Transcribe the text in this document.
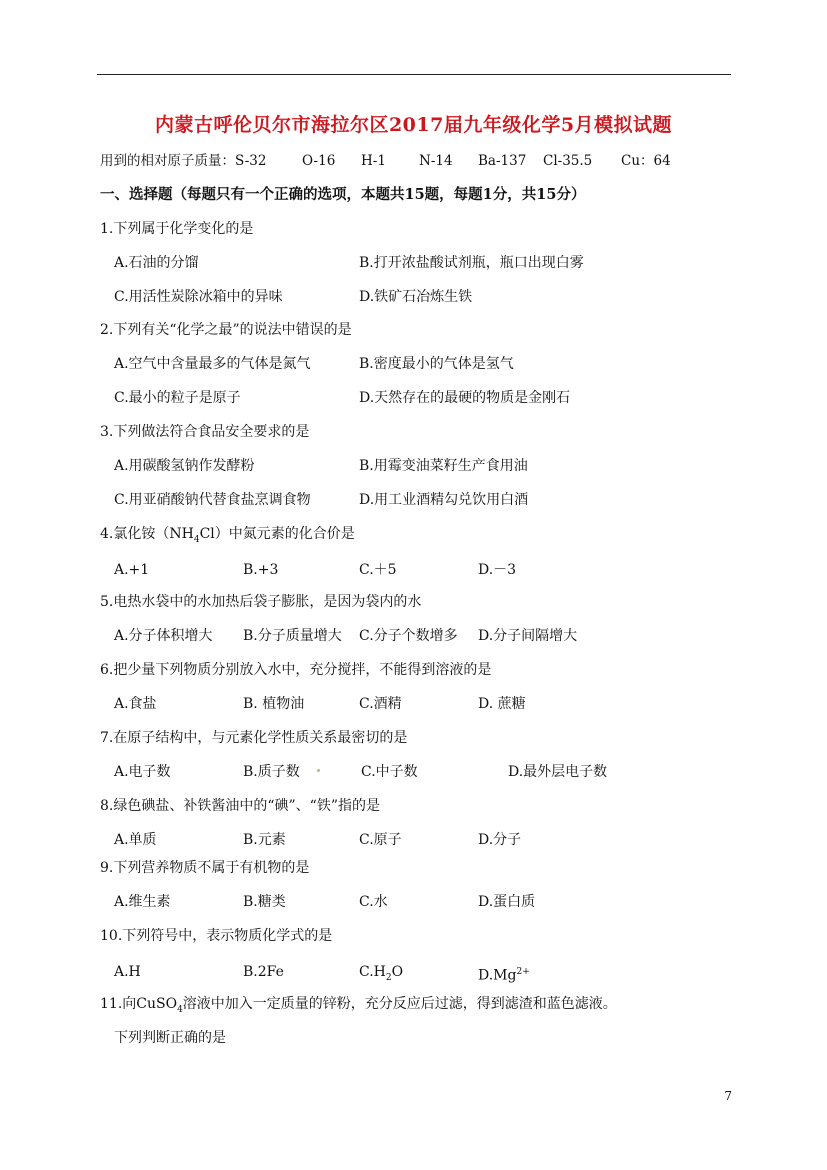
内蒙古呼伦贝尔市海拉尔区2017届九年级化学5月模拟试题
用到的相对原子质量：S-32	O-16 H-1 N-14 Ba-137 Cl-35.5 Cu：64
一、选择题（每题只有一个正确的选项，本题共15题，每题1分，共15分）
1.下列属于化学变化的是
A.石油的分馏	B.打开浓盐酸试剂瓶，瓶口出现白雾
C.用活性炭除冰箱中的异味	D.铁矿石冶炼生铁
2.下列有关“化学之最”的说法中错误的是
A.空气中含量最多的气体是氮气	B.密度最小的气体是氢气
C.最小的粒子是原子	D.天然存在的最硬的物质是金刚石
3.下列做法符合食品安全要求的是
A.用碳酸氢钠作发酵粉	B.用霉变油菜籽生产食用油
C.用亚硝酸钠代替食盐烹调食物	D.用工业酒精勾兑饮用白酒
4.氯化铵$(NH_4Cl)$中氮元素的化合价是
A.+1	B.+3	C.＋5	D.－3
5.电热水袋中的水加热后袋子膨胀，是因为袋内的水
A.分子体积增大 B.分子质量增大 C.分子个数增多 D.分子间隔增大
6.把少量下列物质分别放入水中，充分搅拌，不能得到溶液的是
A.食盐	B. 植物油	C.酒精	D. 蔗糖
7.在原子结构中，与元素化学性质关系最密切的是
A.电子数	B.质子数	C.中子数	D.最外层电子数
8.绿色碘盐、补铁酱油中的“碘”、“铁”指的是
A.单质	B.元素	C.原子	D.分子
9.下列营养物质不属于有机物的是
A.维生素	B.糖类	C.水	D.蛋白质
10.下列符号中，表示物质化学式的是
A.H	B.2Fe	$C.H_2O$	$D.Mg^{2+}$
11.向CuSO$_4$溶液中加入一定质量的锌粉，充分反应后过滤，得到滤渣和蓝色滤液。
下列判断正确的是
7
